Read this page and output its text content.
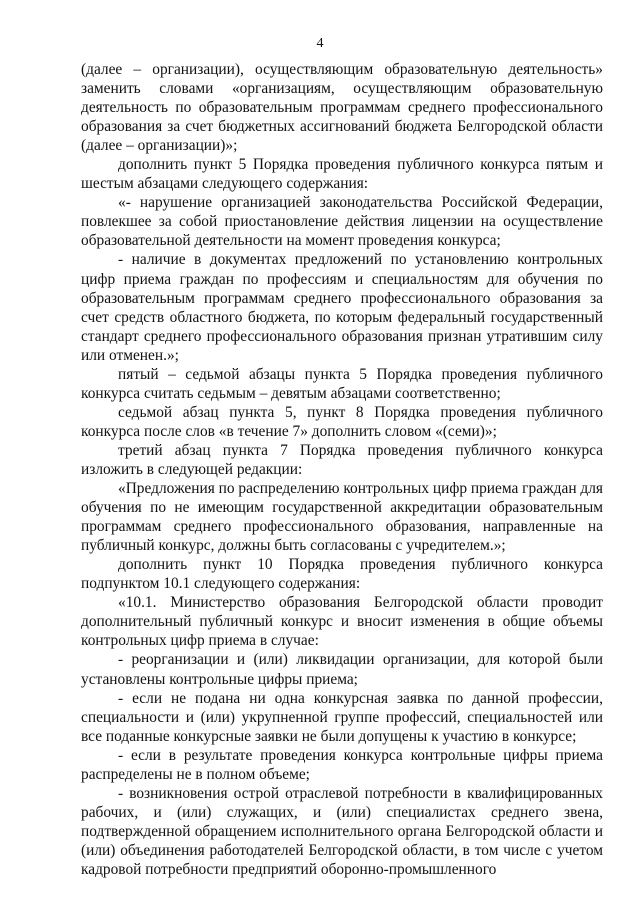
4

(далее – организации), осуществляющим образовательную деятельность» заменить словами «организациям, осуществляющим образовательную деятельность по образовательным программам среднего профессионального образования за счет бюджетных ассигнований бюджета Белгородской области (далее – организации)»;

дополнить пункт 5 Порядка проведения публичного конкурса пятым и шестым абзацами следующего содержания:

«- нарушение организацией законодательства Российской Федерации, повлекшее за собой приостановление действия лицензии на осуществление образовательной деятельности на момент проведения конкурса;

- наличие в документах предложений по установлению контрольных цифр приема граждан по профессиям и специальностям для обучения по образовательным программам среднего профессионального образования за счет средств областного бюджета, по которым федеральный государственный стандарт среднего профессионального образования признан утратившим силу или отменен.»;

пятый – седьмой абзацы пункта 5 Порядка проведения публичного конкурса считать седьмым – девятым абзацами соответственно;

седьмой абзац пункта 5, пункт 8 Порядка проведения публичного конкурса после слов «в течение 7» дополнить словом «(семи)»;

третий абзац пункта 7 Порядка проведения публичного конкурса изложить в следующей редакции:

«Предложения по распределению контрольных цифр приема граждан для обучения по не имеющим государственной аккредитации образовательным программам среднего профессионального образования, направленные на публичный конкурс, должны быть согласованы с учредителем.»;

дополнить пункт 10 Порядка проведения публичного конкурса подпунктом 10.1 следующего содержания:

«10.1. Министерство образования Белгородской области проводит дополнительный публичный конкурс и вносит изменения в общие объемы контрольных цифр приема в случае:

- реорганизации и (или) ликвидации организации, для которой были установлены контрольные цифры приема;

- если не подана ни одна конкурсная заявка по данной профессии, специальности и (или) укрупненной группе профессий, специальностей или все поданные конкурсные заявки не были допущены к участию в конкурсе;

- если в результате проведения конкурса контрольные цифры приема распределены не в полном объеме;

- возникновения острой отраслевой потребности в квалифицированных рабочих, и (или) служащих, и (или) специалистах среднего звена, подтвержденной обращением исполнительного органа Белгородской области и (или) объединения работодателей Белгородской области, в том числе с учетом кадровой потребности предприятий оборонно-промышленного
